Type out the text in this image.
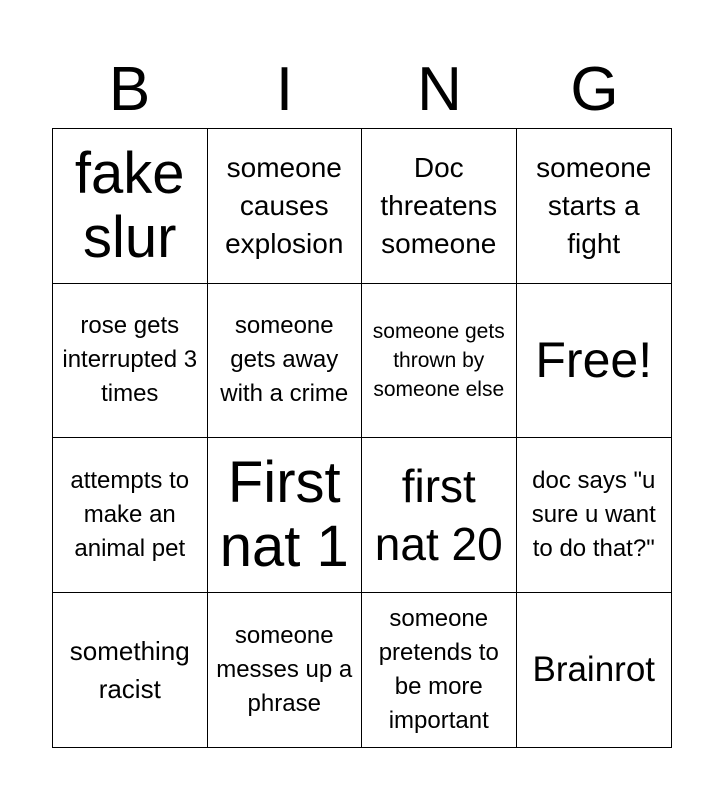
B	I	N	G
fake slur
someone causes explosion
Doc threatens someone
someone starts a fight
rose gets interrupted 3 times
someone gets away with a crime
someone gets thrown by someone else
Free!
attempts to make an animal pet
First nat 1
first nat 20
doc says "u sure u want to do that?"
something racist
someone messes up a phrase
someone pretends to be more important
Brainrot
